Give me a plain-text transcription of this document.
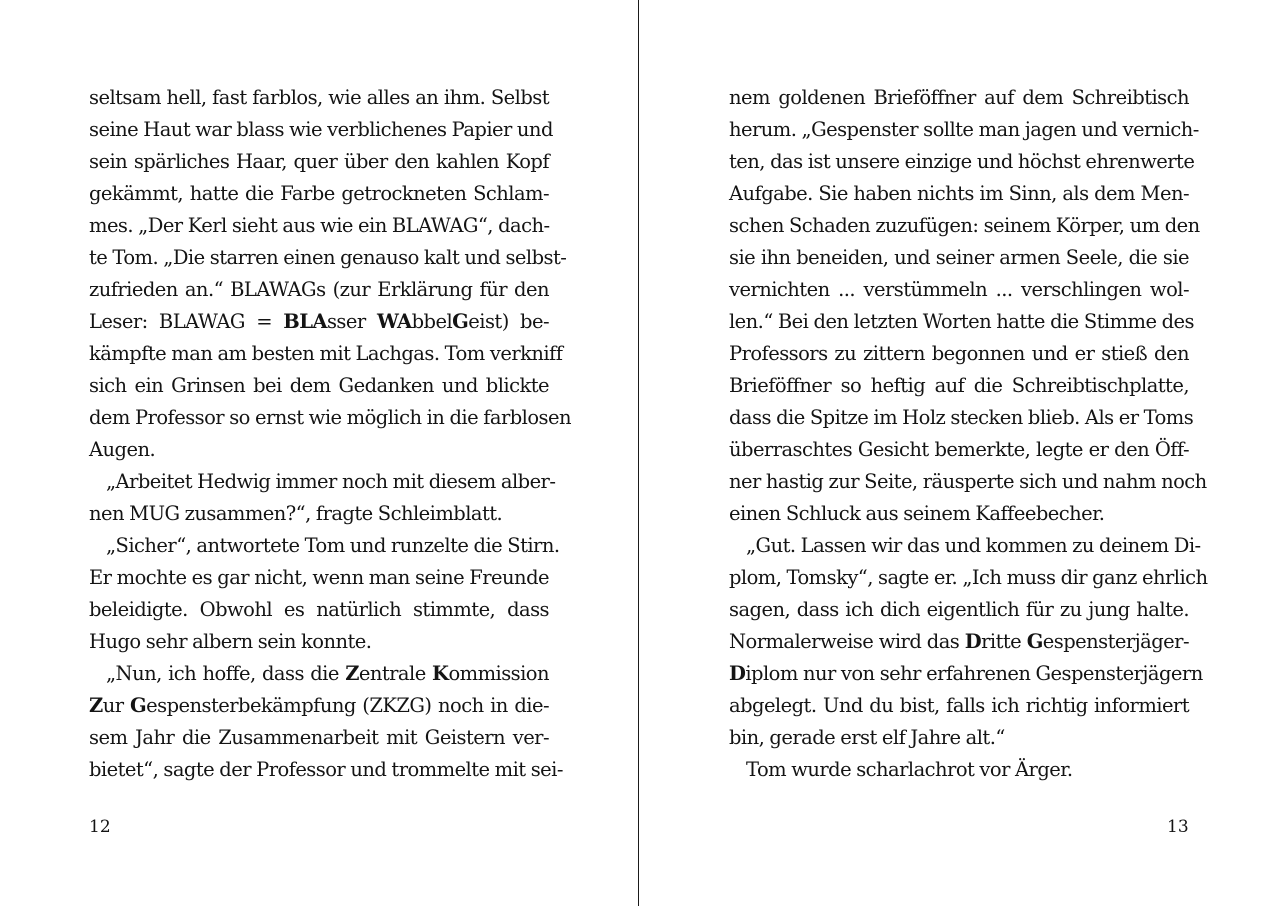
seltsam hell, fast farblos, wie alles an ihm. Selbst
seine Haut war blass wie verblichenes Papier und
sein spärliches Haar, quer über den kahlen Kopf
gekämmt, hatte die Farbe getrockneten Schlam-
mes. „Der Kerl sieht aus wie ein BLAWAG“, dach-
te Tom. „Die starren einen genauso kalt und selbst-
zufrieden an.“ BLAWAGs (zur Erklärung für den
Leser: BLAWAG = BLAsser WAbbelGeist) be-
kämpfte man am besten mit Lachgas. Tom verkniff
sich ein Grinsen bei dem Gedanken und blickte
dem Professor so ernst wie möglich in die farblosen
Augen.
„Arbeitet Hedwig immer noch mit diesem alber-
nen MUG zusammen?“, fragte Schleimblatt.
„Sicher“, antwortete Tom und runzelte die Stirn.
Er mochte es gar nicht, wenn man seine Freunde
beleidigte. Obwohl es natürlich stimmte, dass
Hugo sehr albern sein konnte.
„Nun, ich hoffe, dass die Zentrale Kommission
Zur Gespensterbekämpfung (ZKZG) noch in die-
sem Jahr die Zusammenarbeit mit Geistern ver-
bietet“, sagte der Professor und trommelte mit sei-
nem goldenen Brieföffner auf dem Schreibtisch
herum. „Gespenster sollte man jagen und vernich-
ten, das ist unsere einzige und höchst ehrenwerte
Aufgabe. Sie haben nichts im Sinn, als dem Men-
schen Schaden zuzufügen: seinem Körper, um den
sie ihn beneiden, und seiner armen Seele, die sie
vernichten ... verstümmeln ... verschlingen wol-
len.“ Bei den letzten Worten hatte die Stimme des
Professors zu zittern begonnen und er stieß den
Brieföffner so heftig auf die Schreibtischplatte,
dass die Spitze im Holz stecken blieb. Als er Toms
überraschtes Gesicht bemerkte, legte er den Öff-
ner hastig zur Seite, räusperte sich und nahm noch
einen Schluck aus seinem Kaffeebecher.
„Gut. Lassen wir das und kommen zu deinem Di-
plom, Tomsky“, sagte er. „Ich muss dir ganz ehrlich
sagen, dass ich dich eigentlich für zu jung halte.
Normalerweise wird das Dritte Gespensterjäger-
Diplom nur von sehr erfahrenen Gespensterjägern
abgelegt. Und du bist, falls ich richtig informiert
bin, gerade erst elf Jahre alt.“
Tom wurde scharlachrot vor Ärger.
12	13
